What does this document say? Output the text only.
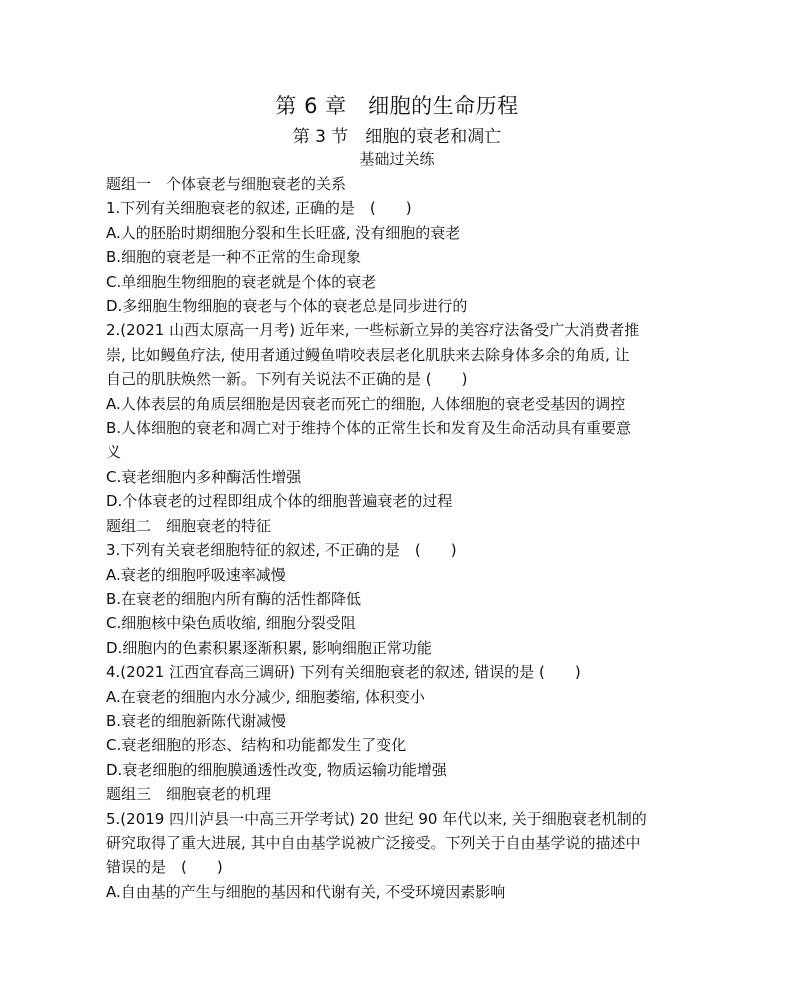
第 6 章　细胞的生命历程
第 3 节　细胞的衰老和凋亡
基础过关练
题组一　个体衰老与细胞衰老的关系
1.下列有关细胞衰老的叙述, 正确的是　(　　)
A.人的胚胎时期细胞分裂和生长旺盛, 没有细胞的衰老
B.细胞的衰老是一种不正常的生命现象
C.单细胞生物细胞的衰老就是个体的衰老
D.多细胞生物细胞的衰老与个体的衰老总是同步进行的
2.(2021 山西太原高一月考) 近年来, 一些标新立异的美容疗法备受广大消费者推
崇, 比如鳗鱼疗法, 使用者通过鳗鱼啃咬表层老化肌肤来去除身体多余的角质, 让
自己的肌肤焕然一新。下列有关说法不正确的是 (　　)
A.人体表层的角质层细胞是因衰老而死亡的细胞, 人体细胞的衰老受基因的调控
B.人体细胞的衰老和凋亡对于维持个体的正常生长和发育及生命活动具有重要意
义
C.衰老细胞内多种酶活性增强
D.个体衰老的过程即组成个体的细胞普遍衰老的过程
题组二　细胞衰老的特征
3.下列有关衰老细胞特征的叙述, 不正确的是　(　　)
A.衰老的细胞呼吸速率减慢
B.在衰老的细胞内所有酶的活性都降低
C.细胞核中染色质收缩, 细胞分裂受阻
D.细胞内的色素积累逐渐积累, 影响细胞正常功能
4.(2021 江西宜春高三调研) 下列有关细胞衰老的叙述, 错误的是 (　　)
A.在衰老的细胞内水分减少, 细胞萎缩, 体积变小
B.衰老的细胞新陈代谢减慢
C.衰老细胞的形态、结构和功能都发生了变化
D.衰老细胞的细胞膜通透性改变, 物质运输功能增强
题组三　细胞衰老的机理
5.(2019 四川泸县一中高三开学考试) 20 世纪 90 年代以来, 关于细胞衰老机制的
研究取得了重大进展, 其中自由基学说被广泛接受。下列关于自由基学说的描述中
错误的是　(　　)
A.自由基的产生与细胞的基因和代谢有关, 不受环境因素影响
